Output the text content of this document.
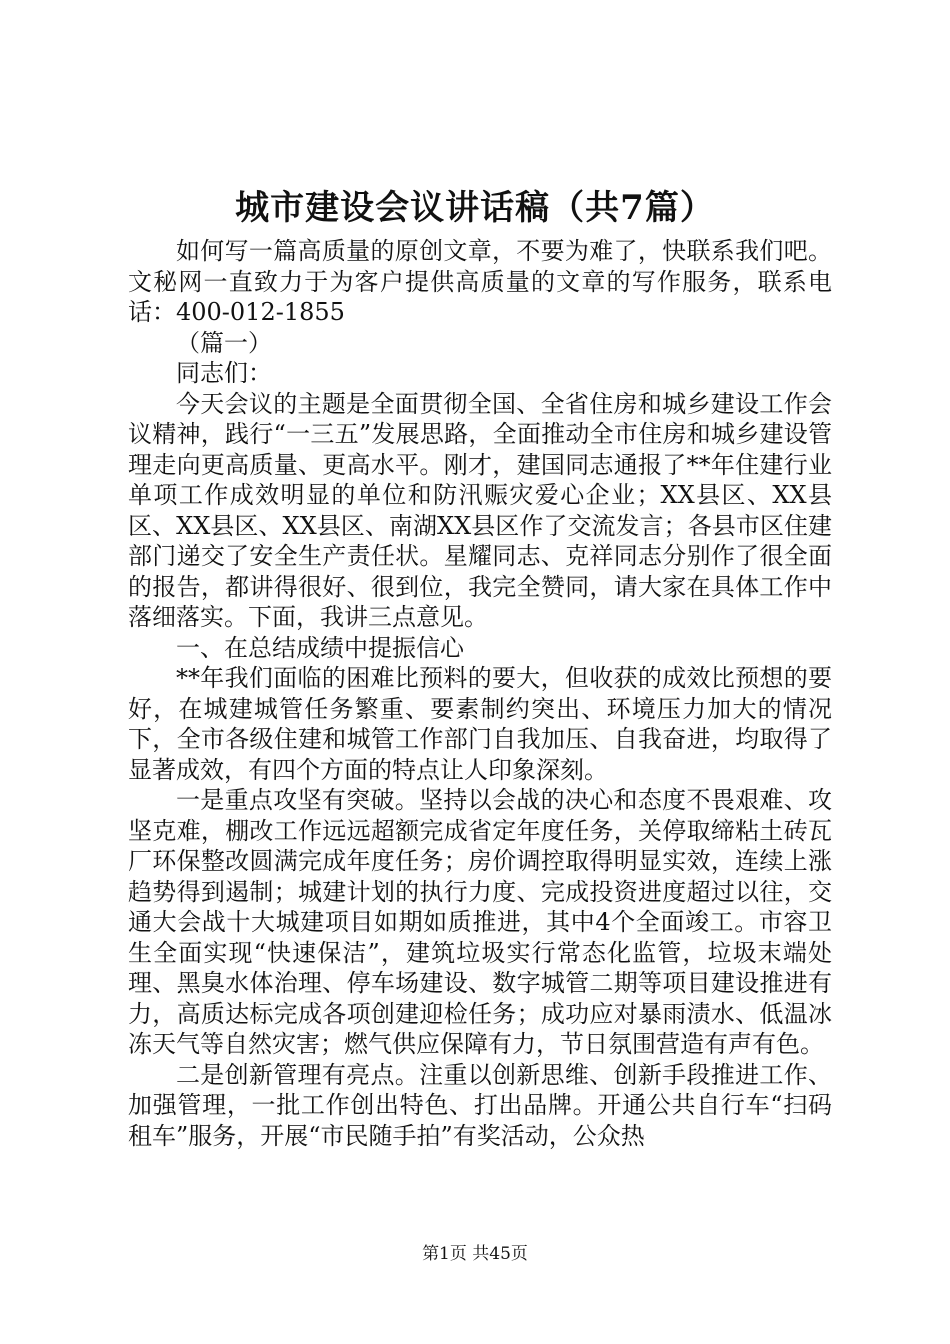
城市建设会议讲话稿（共7篇）

如何写一篇高质量的原创文章，不要为难了，快联系我们吧。文秘网一直致力于为客户提供高质量的文章的写作服务，联系电话：400-012-1855

（篇一）

同志们：

今天会议的主题是全面贯彻全国、全省住房和城乡建设工作会议精神，践行“一三五”发展思路，全面推动全市住房和城乡建设管理走向更高质量、更高水平。刚才，建国同志通报了**年住建行业单项工作成效明显的单位和防汛赈灾爱心企业；XX县区、XX县区、XX县区、XX县区、南湖XX县区作了交流发言；各县市区住建部门递交了安全生产责任状。星耀同志、克祥同志分别作了很全面的报告，都讲得很好、很到位，我完全赞同，请大家在具体工作中落细落实。下面，我讲三点意见。

一、在总结成绩中提振信心

**年我们面临的困难比预料的要大，但收获的成效比预想的要好，在城建城管任务繁重、要素制约突出、环境压力加大的情况下，全市各级住建和城管工作部门自我加压、自我奋进，均取得了显著成效，有四个方面的特点让人印象深刻。

一是重点攻坚有突破。坚持以会战的决心和态度不畏艰难、攻坚克难，棚改工作远远超额完成省定年度任务，关停取缔粘土砖瓦厂环保整改圆满完成年度任务；房价调控取得明显实效，连续上涨趋势得到遏制；城建计划的执行力度、完成投资进度超过以往，交通大会战十大城建项目如期如质推进，其中4个全面竣工。市容卫生全面实现“快速保洁”，建筑垃圾实行常态化监管，垃圾末端处理、黑臭水体治理、停车场建设、数字城管二期等项目建设推进有力，高质达标完成各项创建迎检任务；成功应对暴雨渍水、低温冰冻天气等自然灾害；燃气供应保障有力，节日氛围营造有声有色。

二是创新管理有亮点。注重以创新思维、创新手段推进工作、加强管理，一批工作创出特色、打出品牌。开通公共自行车“扫码租车”服务，开展“市民随手拍”有奖活动，公众热

第1页 共45页
